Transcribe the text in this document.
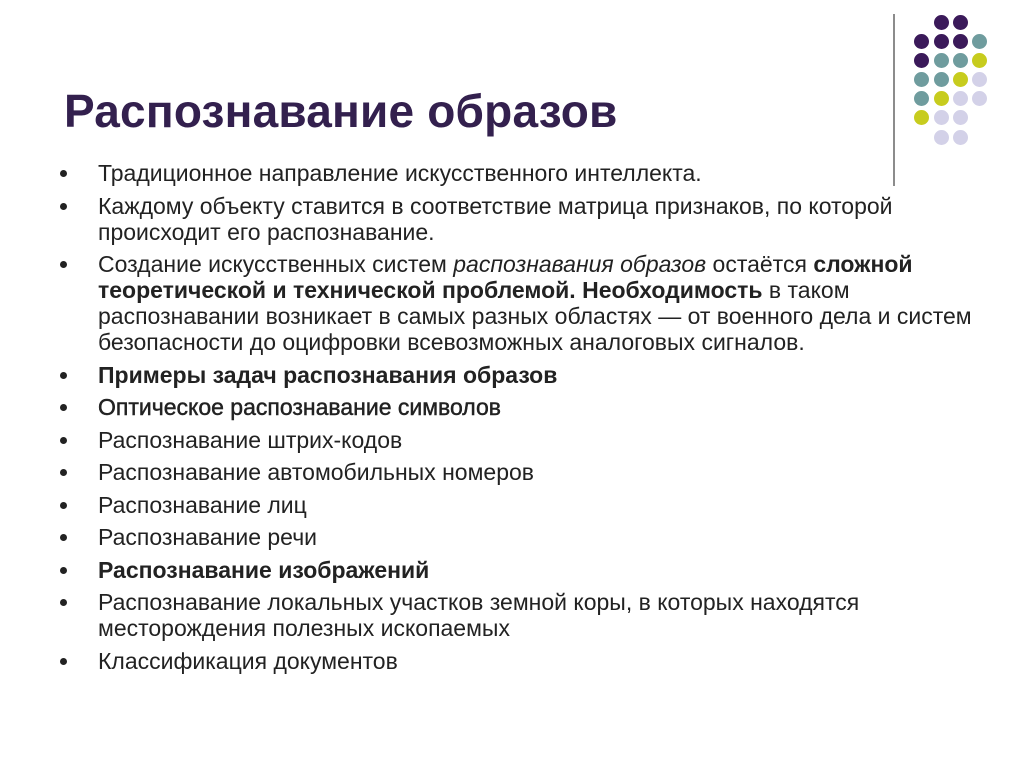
Распознавание образов
Традиционное направление искусственного интеллекта.
Каждому объекту ставится в соответствие матрица признаков, по которой происходит его распознавание.
Создание искусственных систем распознавания образов остаётся сложной теоретической и технической проблемой. Необходимость в таком распознавании возникает в самых разных областях — от военного дела и систем безопасности до оцифровки всевозможных аналоговых сигналов.
Примеры задач распознавания образов
Оптическое распознавание символов
Распознавание штрих-кодов
Распознавание автомобильных номеров
Распознавание лиц
Распознавание речи
Распознавание изображений
Распознавание локальных участков земной коры, в которых находятся месторождения полезных ископаемых
Классификация документов
